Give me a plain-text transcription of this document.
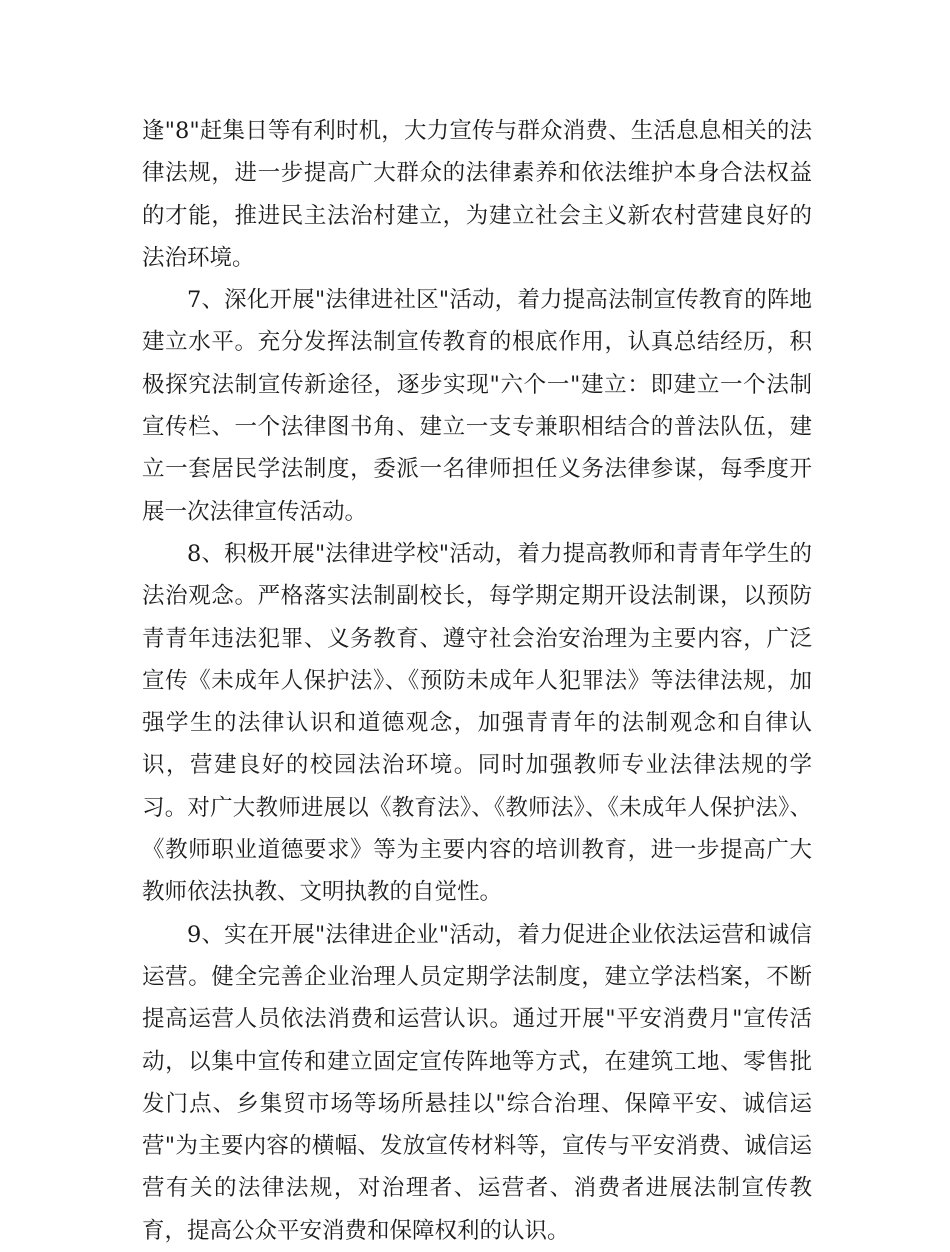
逢"8"赶集日等有利时机，大力宣传与群众消费、生活息息相关的法律法规，进一步提高广大群众的法律素养和依法维护本身合法权益的才能，推进民主法治村建立，为建立社会主义新农村营建良好的法治环境。

7、深化开展"法律进社区"活动，着力提高法制宣传教育的阵地建立水平。充分发挥法制宣传教育的根底作用，认真总结经历，积极探究法制宣传新途径，逐步实现"六个一"建立：即建立一个法制宣传栏、一个法律图书角、建立一支专兼职相结合的普法队伍，建立一套居民学法制度，委派一名律师担任义务法律参谋，每季度开展一次法律宣传活动。

8、积极开展"法律进学校"活动，着力提高教师和青青年学生的法治观念。严格落实法制副校长，每学期定期开设法制课，以预防青青年违法犯罪、义务教育、遵守社会治安治理为主要内容，广泛宣传《未成年人保护法》、《预防未成年人犯罪法》等法律法规，加强学生的法律认识和道德观念，加强青青年的法制观念和自律认识，营建良好的校园法治环境。同时加强教师专业法律法规的学习。对广大教师进展以《教育法》、《教师法》、《未成年人保护法》、《教师职业道德要求》等为主要内容的培训教育，进一步提高广大教师依法执教、文明执教的自觉性。

9、实在开展"法律进企业"活动，着力促进企业依法运营和诚信运营。健全完善企业治理人员定期学法制度，建立学法档案，不断提高运营人员依法消费和运营认识。通过开展"平安消费月"宣传活动，以集中宣传和建立固定宣传阵地等方式，在建筑工地、零售批发门点、乡集贸市场等场所悬挂以"综合治理、保障平安、诚信运营"为主要内容的横幅、发放宣传材料等，宣传与平安消费、诚信运营有关的法律法规，对治理者、运营者、消费者进展法制宣传教育，提高公众平安消费和保障权利的认识。
